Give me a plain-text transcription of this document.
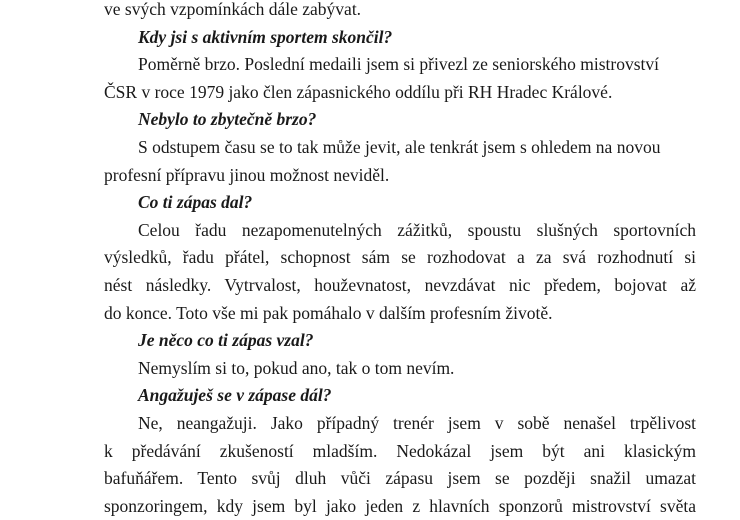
ve svých vzpomínkách dále zabývat.
Kdy jsi s aktivním sportem skončil?
Poměrně brzo. Poslední medaili jsem si přivezl ze seniorského mistrovství
ČSR v roce 1979 jako člen zápasnického oddílu při RH Hradec Králové.
Nebylo to zbytečně brzo?
S odstupem času se to tak může jevit, ale tenkrát jsem s ohledem na novou
profesní přípravu jinou možnost neviděl.
Co ti zápas dal?
Celou řadu nezapomenutelných zážitků, spoustu slušných sportovních
výsledků, řadu přátel, schopnost sám se rozhodovat a za svá rozhodnutí si
nést následky. Vytrvalost, houževnatost, nevzdávat nic předem, bojovat až
do konce. Toto vše mi pak pomáhalo v dalším profesním životě.
Je něco co ti zápas vzal?
Nemyslím si to, pokud ano, tak o tom nevím.
Angažuješ se v zápase dál?
Ne, neangažuji. Jako případný trenér jsem v sobě nenašel trpělivost
k předávání zkušeností mladším. Nedokázal jsem být ani klasickým
bafuňářem. Tento svůj dluh vůči zápasu jsem se později snažil umazat
sponzoringem, kdy jsem byl jako jeden z hlavních sponzorů mistrovství světa
